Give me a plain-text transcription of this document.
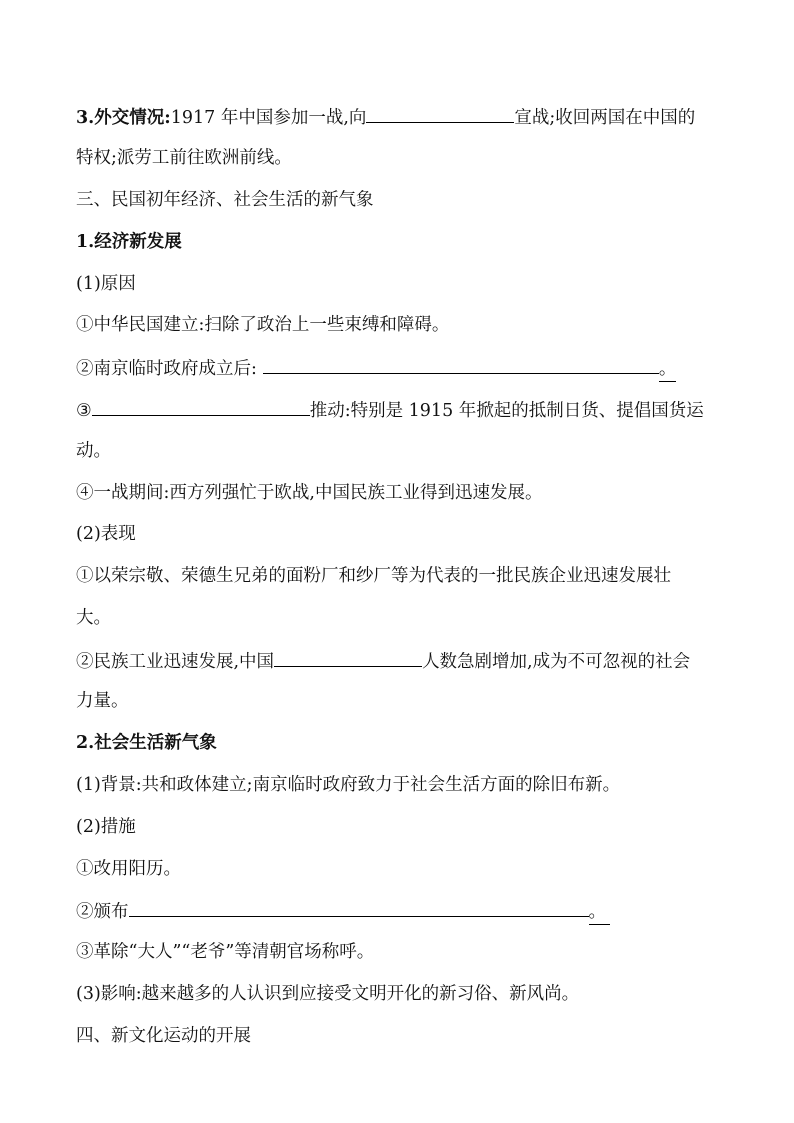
3.外交情况:1917 年中国参加一战,向	宣战;收回两国在中国的
特权;派劳工前往欧洲前线。
三、民国初年经济、社会生活的新气象
1.经济新发展
(1)原因
①中华民国建立:扫除了政治上一些束缚和障碍。
②南京临时政府成立后:	。
③	推动:特别是 1915 年掀起的抵制日货、提倡国货运
动。
④一战期间:西方列强忙于欧战,中国民族工业得到迅速发展。
(2)表现
①以荣宗敬、荣德生兄弟的面粉厂和纱厂等为代表的一批民族企业迅速发展壮
大。
②民族工业迅速发展,中国	人数急剧增加,成为不可忽视的社会
力量。
2.社会生活新气象
(1)背景:共和政体建立;南京临时政府致力于社会生活方面的除旧布新。
(2)措施
①改用阳历。
②颁布	。
③革除“大人”“老爷”等清朝官场称呼。
(3)影响:越来越多的人认识到应接受文明开化的新习俗、新风尚。
四、新文化运动的开展
